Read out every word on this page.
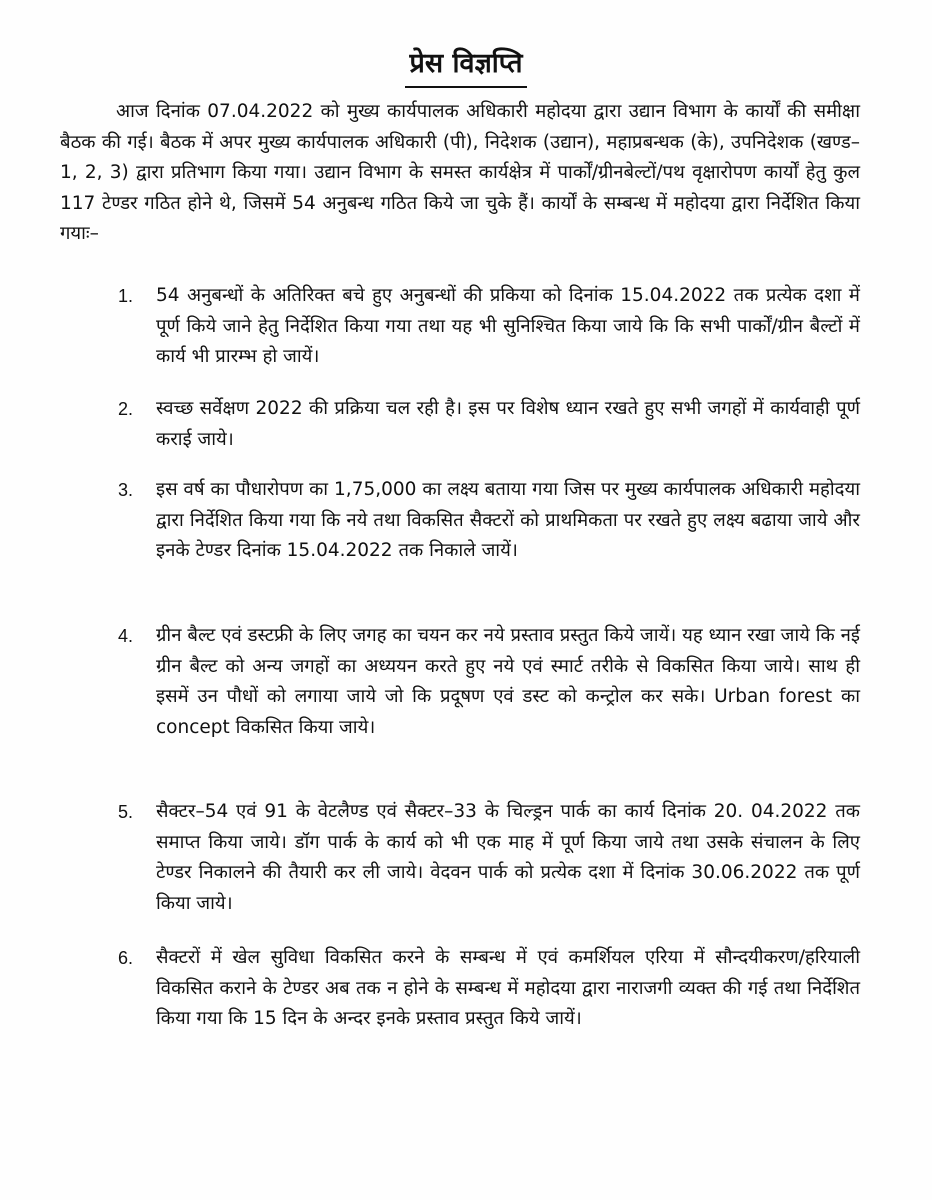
प्रेस विज्ञप्ति

आज दिनांक 07.04.2022 को मुख्य कार्यपालक अधिकारी महोदया द्वारा उद्यान विभाग के कार्यों की समीक्षा बैठक की गई। बैठक में अपर मुख्य कार्यपालक अधिकारी (पी), निदेशक (उद्यान), महाप्रबन्धक (के), उपनिदेशक (खण्ड–1, 2, 3) द्वारा प्रतिभाग किया गया। उद्यान विभाग के समस्त कार्यक्षेत्र में पार्कों/ग्रीनबेल्टों/पथ वृक्षारोपण कार्यों हेतु कुल 117 टेण्डर गठित होने थे, जिसमें 54 अनुबन्ध गठित किये जा चुके हैं। कार्यों के सम्बन्ध में महोदया द्वारा निर्देशित किया गयाः–

1.	54 अनुबन्धों के अतिरिक्त बचे हुए अनुबन्धों की प्रकिया को दिनांक 15.04.2022 तक प्रत्येक दशा में पूर्ण किये जाने हेतु निर्देशित किया गया तथा यह भी सुनिश्चित किया जाये कि कि सभी पार्कों/ग्रीन बैल्टों में कार्य भी प्रारम्भ हो जायें।

2.	स्वच्छ सर्वेक्षण 2022 की प्रक्रिया चल रही है। इस पर विशेष ध्यान रखते हुए सभी जगहों में कार्यवाही पूर्ण कराई जाये।

3.	इस वर्ष का पौधारोपण का 1,75,000 का लक्ष्य बताया गया जिस पर मुख्य कार्यपालक अधिकारी महोदया द्वारा निर्देशित किया गया कि नये तथा विकसित सैक्टरों को प्राथमिकता पर रखते हुए लक्ष्य बढाया जाये और इनके टेण्डर दिनांक 15.04.2022 तक निकाले जायें।

4.	ग्रीन बैल्ट एवं डस्टफ्री के लिए जगह का चयन कर नये प्रस्ताव प्रस्तुत किये जायें। यह ध्यान रखा जाये कि नई ग्रीन बैल्ट को अन्य जगहों का अध्ययन करते हुए नये एवं स्मार्ट तरीके से विकसित किया जाये। साथ ही इसमें उन पौधों को लगाया जाये जो कि प्रदूषण एवं डस्ट को कन्ट्रोल कर सके। Urban forest का concept विकसित किया जाये।

5.	सैक्टर–54 एवं 91 के वेटलैण्ड एवं सैक्टर–33 के चिल्ड्रन पार्क का कार्य दिनांक 20. 04.2022 तक समाप्त किया जाये। डॉग पार्क के कार्य को भी एक माह में पूर्ण किया जाये तथा उसके संचालन के लिए टेण्डर निकालने की तैयारी कर ली जाये। वेदवन पार्क को प्रत्येक दशा में दिनांक 30.06.2022 तक पूर्ण किया जाये।

6.	सैक्टरों में खेल सुविधा विकसित करने के सम्बन्ध में एवं कमर्शियल एरिया में सौन्दयीकरण/हरियाली विकसित कराने के टेण्डर अब तक न होने के सम्बन्ध में महोदया द्वारा नाराजगी व्यक्त की गई तथा निर्देशित किया गया कि 15 दिन के अन्दर इनके प्रस्ताव प्रस्तुत किये जायें।
